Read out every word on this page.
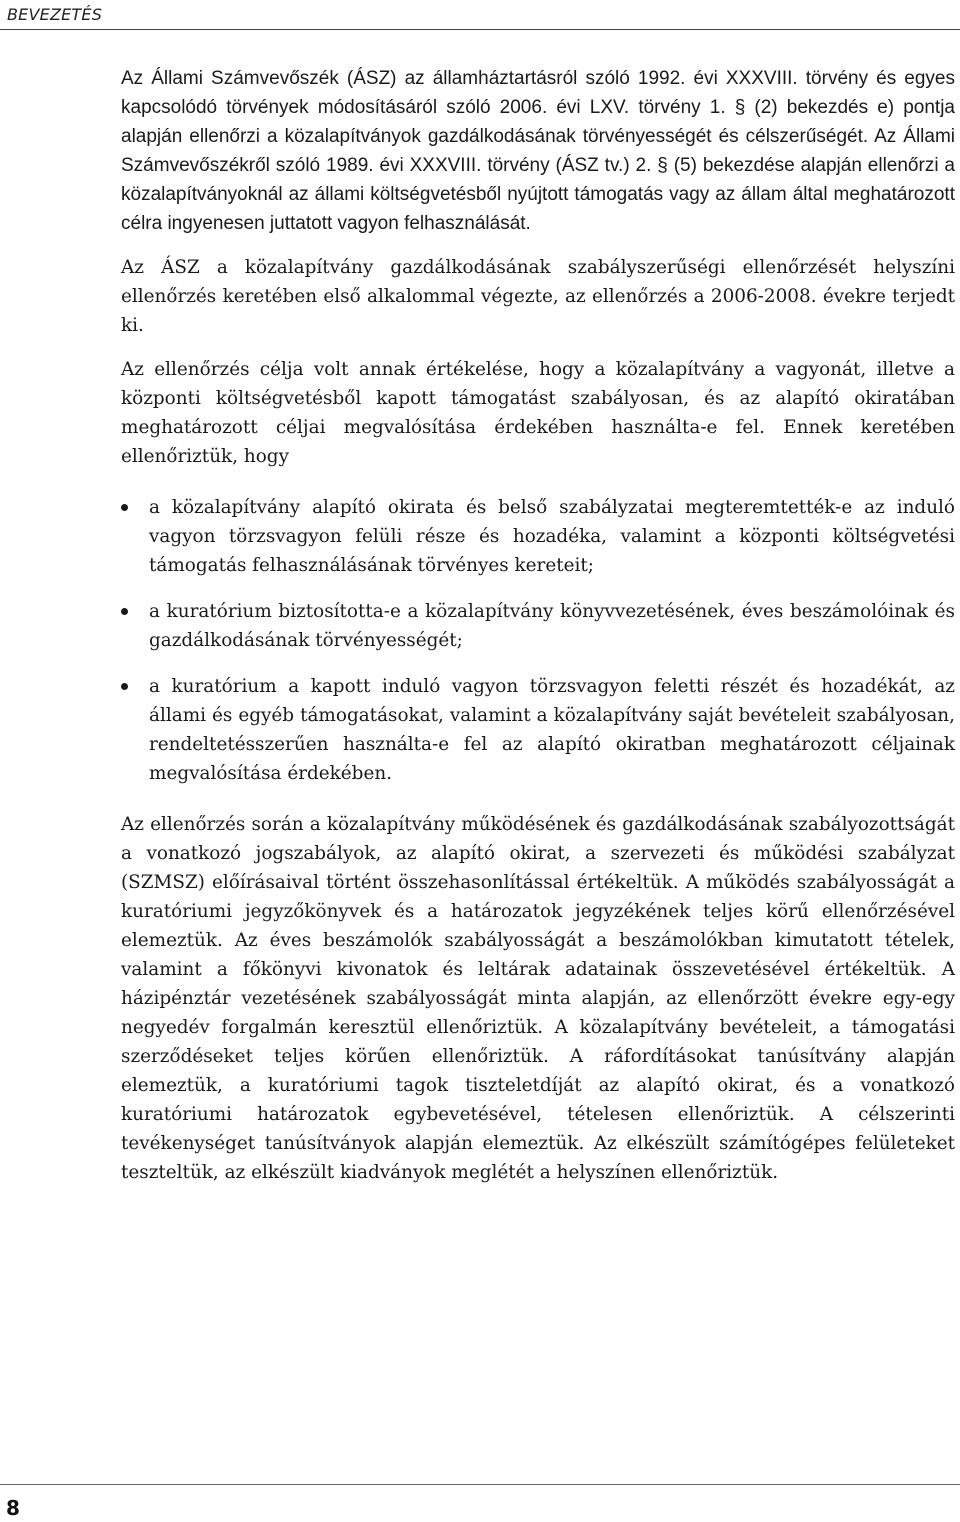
BEVEZETÉS

Az Állami Számvevőszék (ÁSZ) az államháztartásról szóló 1992. évi XXXVIII. törvény és egyes kapcsolódó törvények módosításáról szóló 2006. évi LXV. törvény 1. § (2) bekezdés e) pontja alapján ellenőrzi a közalapítványok gazdálkodásának törvényességét és célszerűségét. Az Állami Számvevőszékről szóló 1989. évi XXXVIII. törvény (ÁSZ tv.) 2. § (5) bekezdése alapján ellenőrzi a közalapítványoknál az állami költségvetésből nyújtott támogatás vagy az állam által meghatározott célra ingyenesen juttatott vagyon felhasználását.

Az ÁSZ a közalapítvány gazdálkodásának szabályszerűségi ellenőrzését helyszíni ellenőrzés keretében első alkalommal végezte, az ellenőrzés a 2006-2008. évekre terjedt ki.

Az ellenőrzés célja volt annak értékelése, hogy a közalapítvány a vagyonát, illetve a központi költségvetésből kapott támogatást szabályosan, és az alapító okiratában meghatározott céljai megvalósítása érdekében használta-e fel. Ennek keretében ellenőriztük, hogy

a közalapítvány alapító okirata és belső szabályzatai megteremtették-e az induló vagyon törzsvagyon felüli része és hozadéka, valamint a központi költségvetési támogatás felhasználásának törvényes kereteit;
a kuratórium biztosította-e a közalapítvány könyvvezetésének, éves beszámolóinak és gazdálkodásának törvényességét;
a kuratórium a kapott induló vagyon törzsvagyon feletti részét és hozadékát, az állami és egyéb támogatásokat, valamint a közalapítvány saját bevételeit szabályosan, rendeltetésszerűen használta-e fel az alapító okiratban meghatározott céljainak megvalósítása érdekében.

Az ellenőrzés során a közalapítvány működésének és gazdálkodásának szabályozottságát a vonatkozó jogszabályok, az alapító okirat, a szervezeti és működési szabályzat (SZMSZ) előírásaival történt összehasonlítással értékeltük. A működés szabályosságát a kuratóriumi jegyzőkönyvek és a határozatok jegyzékének teljes körű ellenőrzésével elemeztük. Az éves beszámolók szabályosságát a beszámolókban kimutatott tételek, valamint a főkönyvi kivonatok és leltárak adatainak összevetésével értékeltük. A házipénztár vezetésének szabályosságát minta alapján, az ellenőrzött évekre egy-egy negyedév forgalmán keresztül ellenőriztük. A közalapítvány bevételeit, a támogatási szerződéseket teljes körűen ellenőriztük. A ráfordításokat tanúsítvány alapján elemeztük, a kuratóriumi tagok tiszteletdíját az alapító okirat, és a vonatkozó kuratóriumi határozatok egybevetésével, tételesen ellenőriztük. A célszerinti tevékenységet tanúsítványok alapján elemeztük. Az elkészült számítógépes felületeket teszteltük, az elkészült kiadványok meglétét a helyszínen ellenőriztük.

8
